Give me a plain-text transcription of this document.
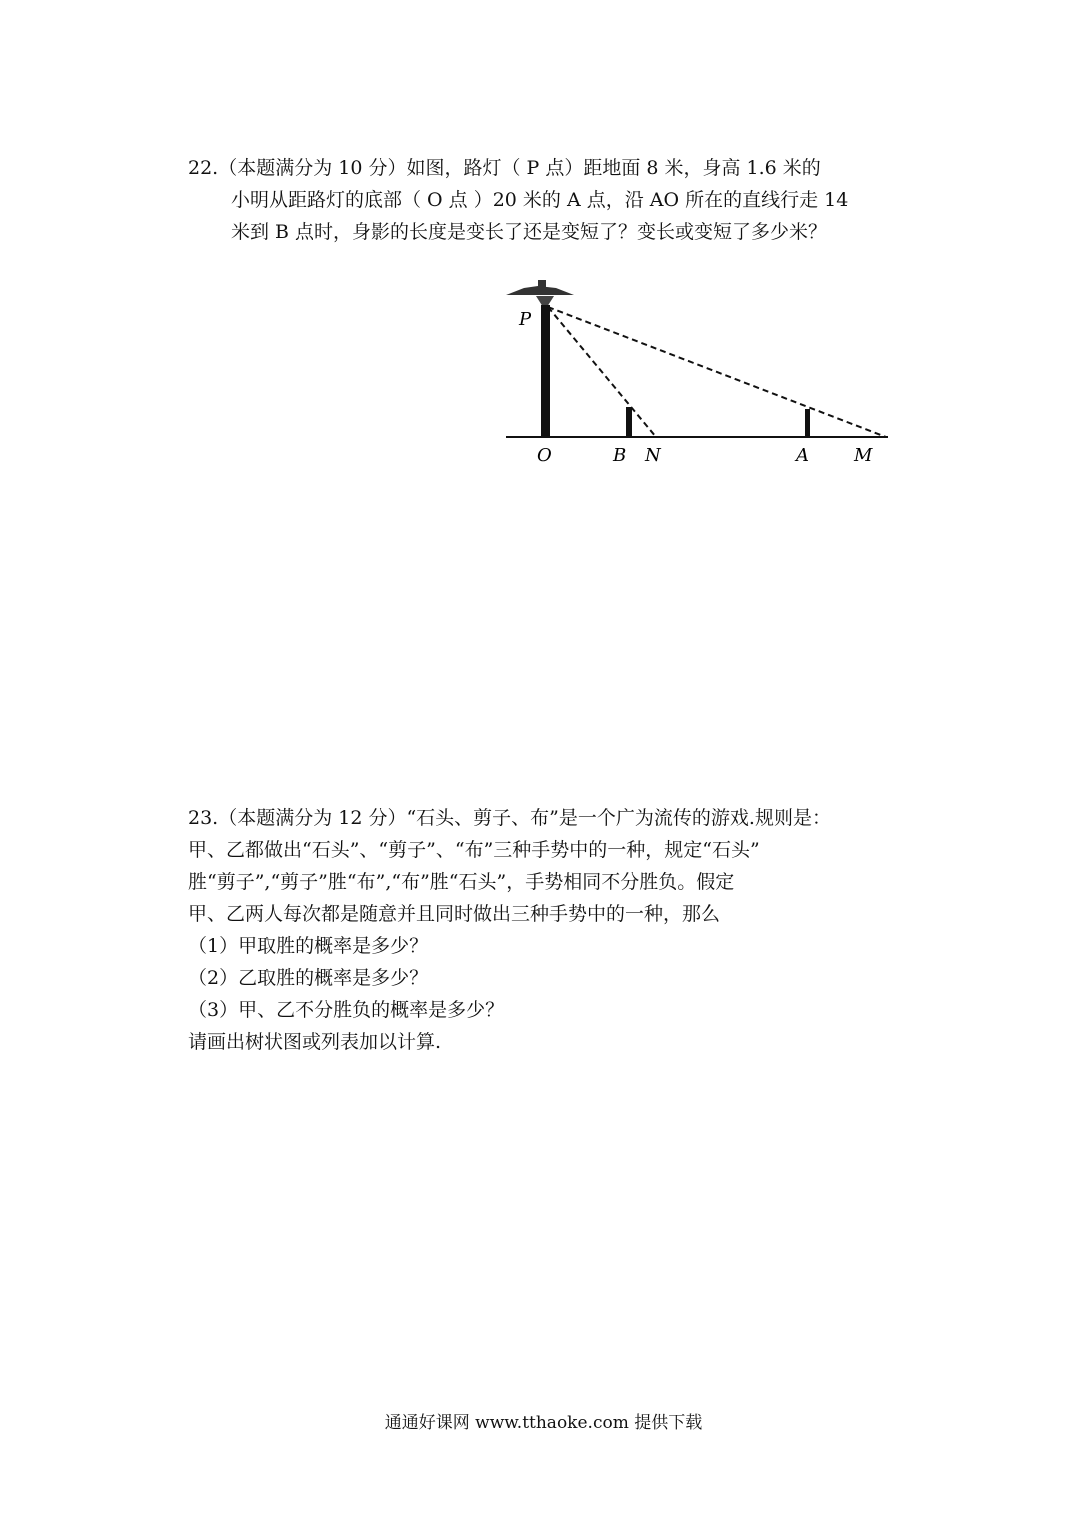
22.（本题满分为 10 分）如图，路灯（ P 点）距地面 8 米，身高 1.6 米的
小明从距路灯的底部（ O 点 ）20 米的 A 点，沿 AO 所在的直线行走 14
米到 B 点时，身影的长度是变长了还是变短了？变长或变短了多少米？
P
O	B N	A	M
23.（本题满分为 12 分）“石头、剪子、布”是一个广为流传的游戏.规则是：
甲、乙都做出“石头”、“剪子”、“布”三种手势中的一种，规定“石头”
胜“剪子”,“剪子”胜“布”,“布”胜“石头”，手势相同不分胜负。假定
甲、乙两人每次都是随意并且同时做出三种手势中的一种，那么
（1）甲取胜的概率是多少？
（2）乙取胜的概率是多少？
（3）甲、乙不分胜负的概率是多少？
请画出树状图或列表加以计算.
通通好课网 www.tthaoke.com 提供下载
